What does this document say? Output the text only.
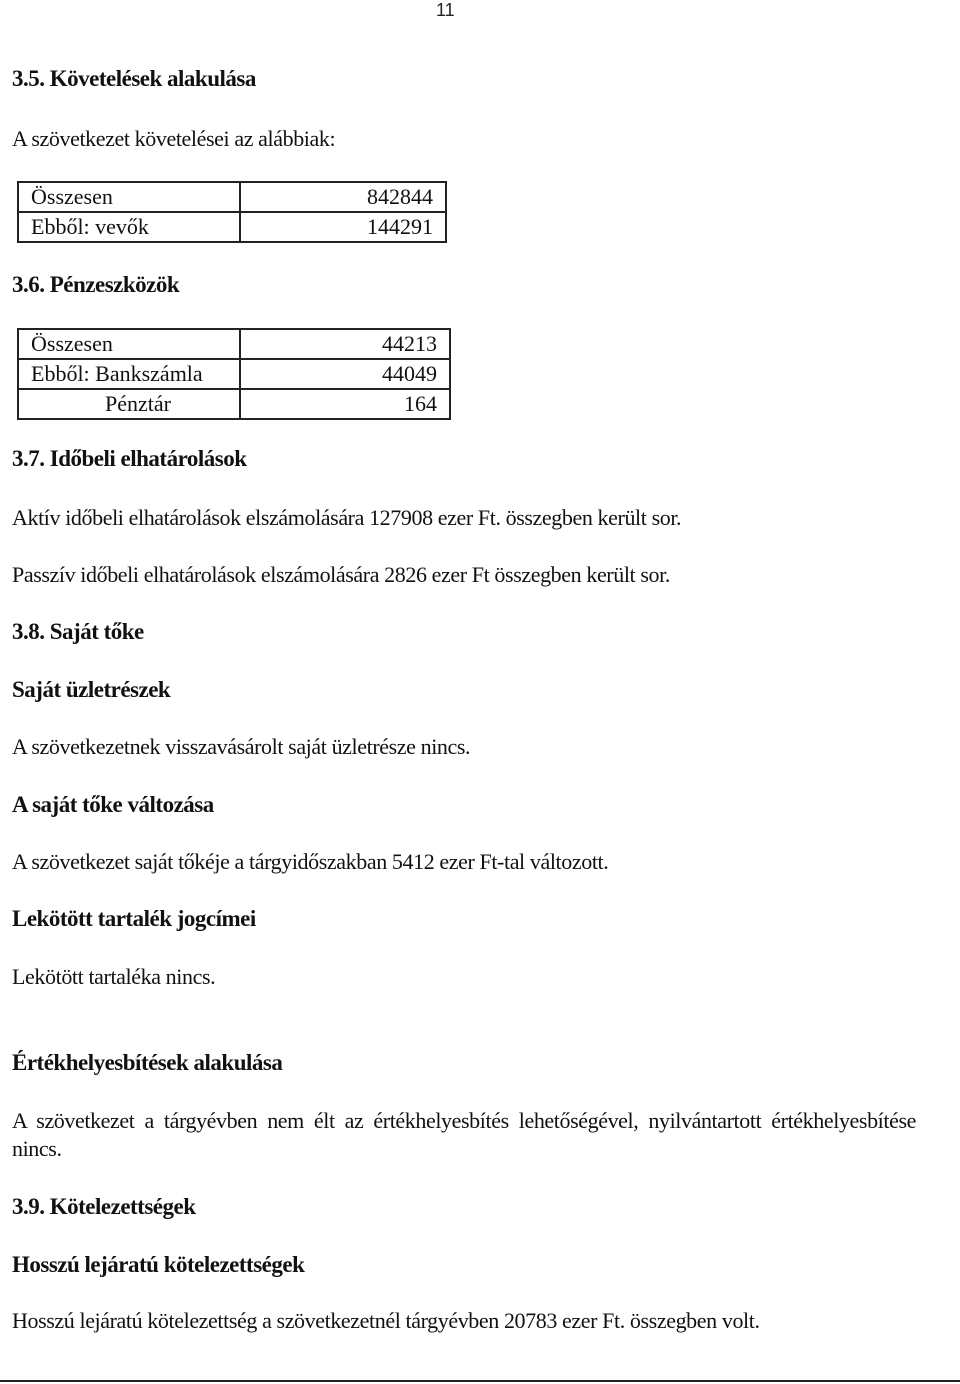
11
3.5. Követelések alakulása
A szövetkezet követelései az alábbiak:
Összesen	842844
Ebből: vevők	144291
3.6. Pénzeszközök
Összesen	44213
Ebből: Bankszámla	44049
Pénztár	164
3.7. Időbeli elhatárolások
Aktív időbeli elhatárolások elszámolására 127908 ezer Ft. összegben került sor.
Passzív időbeli elhatárolások elszámolására 2826 ezer Ft összegben került sor.
3.8. Saját tőke
Saját üzletrészek
A szövetkezetnek visszavásárolt saját üzletrésze nincs.
A saját tőke változása
A szövetkezet saját tőkéje a tárgyidőszakban 5412 ezer Ft-tal változott.
Lekötött tartalék jogcímei
Lekötött tartaléka nincs.
Értékhelyesbítések alakulása
A szövetkezet a tárgyévben nem élt az értékhelyesbítés lehetőségével, nyilvántartott értékhelyesbítése nincs.
3.9. Kötelezettségek
Hosszú lejáratú kötelezettségek
Hosszú lejáratú kötelezettség a szövetkezetnél tárgyévben 20783 ezer Ft. összegben volt.
